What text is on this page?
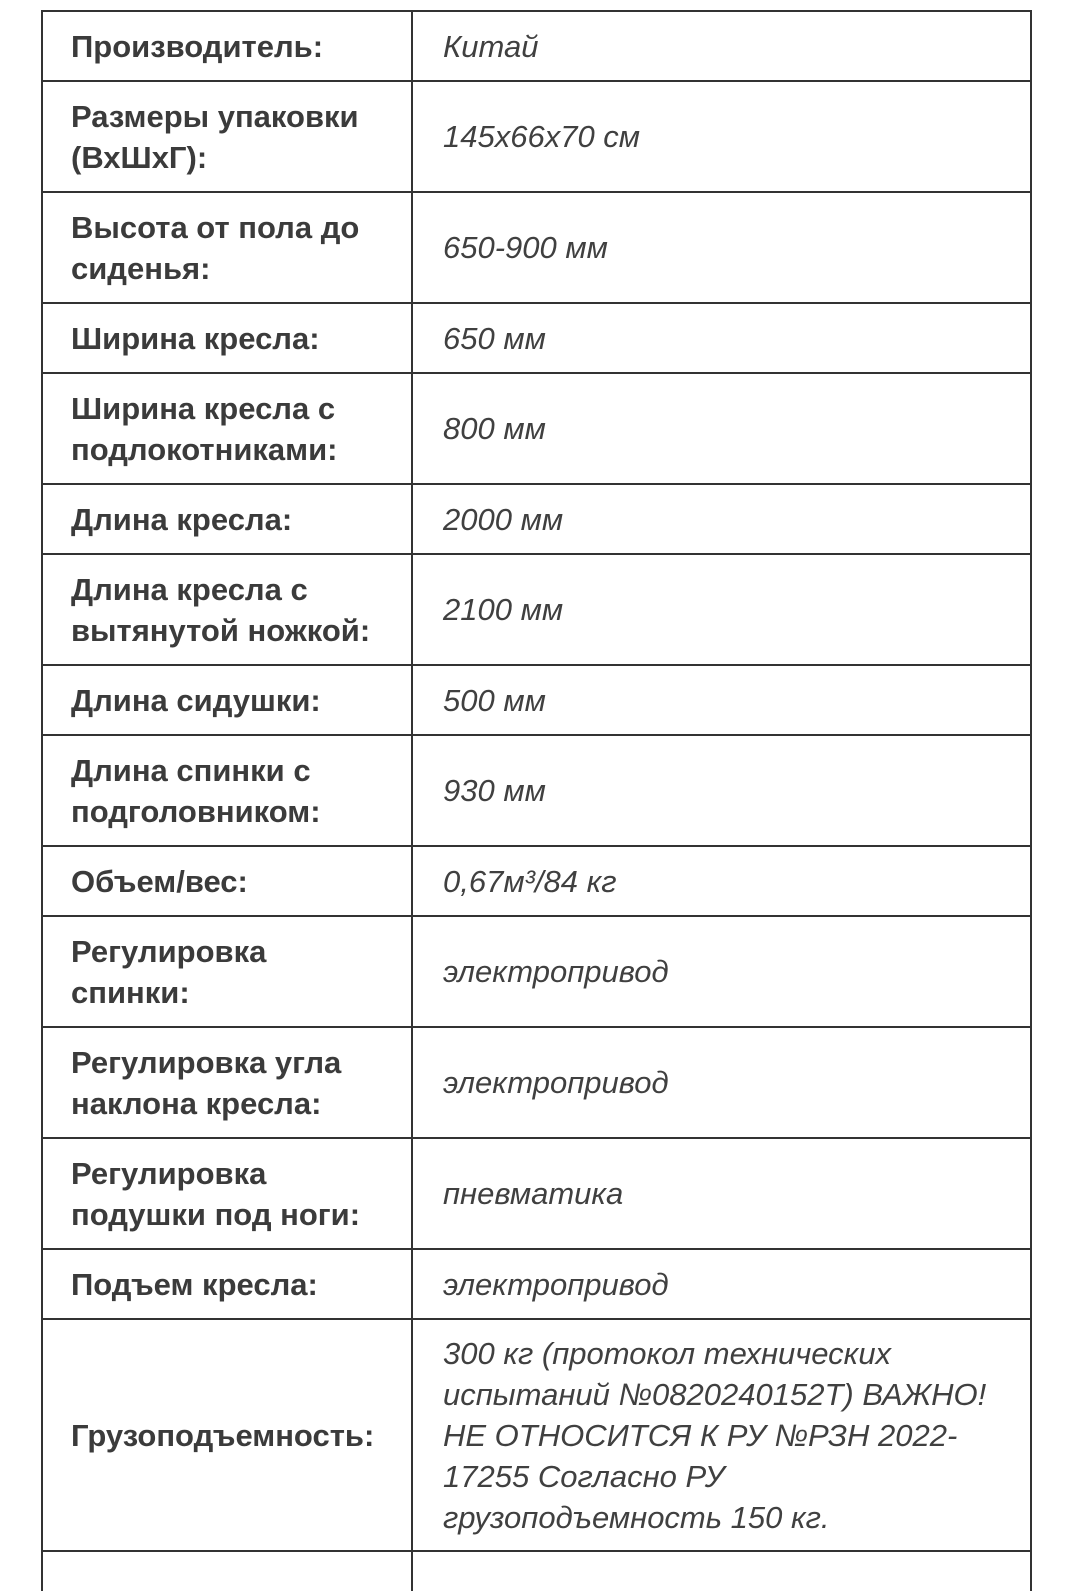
Производитель:	Китай
Размеры упаковки (ВхШхГ):	145х66х70 см
Высота от пола до сиденья:	650-900 мм
Ширина кресла:	650 мм
Ширина кресла с подлокотниками:	800 мм
Длина кресла:	2000 мм
Длина кресла с вытянутой ножкой:	2100 мм
Длина сидушки:	500 мм
Длина спинки с подголовником:	930 мм
Объем/вес:	0,67м³/84 кг
Регулировка спинки:	электропривод
Регулировка угла наклона кресла:	электропривод
Регулировка подушки под ноги:	пневматика
Подъем кресла:	электропривод
Грузоподъемность:	300 кг (протокол технических испытаний №0820240152Т) ВАЖНО! НЕ ОТНОСИТСЯ К РУ №РЗН 2022-17255 Согласно РУ грузоподъемность 150 кг.
